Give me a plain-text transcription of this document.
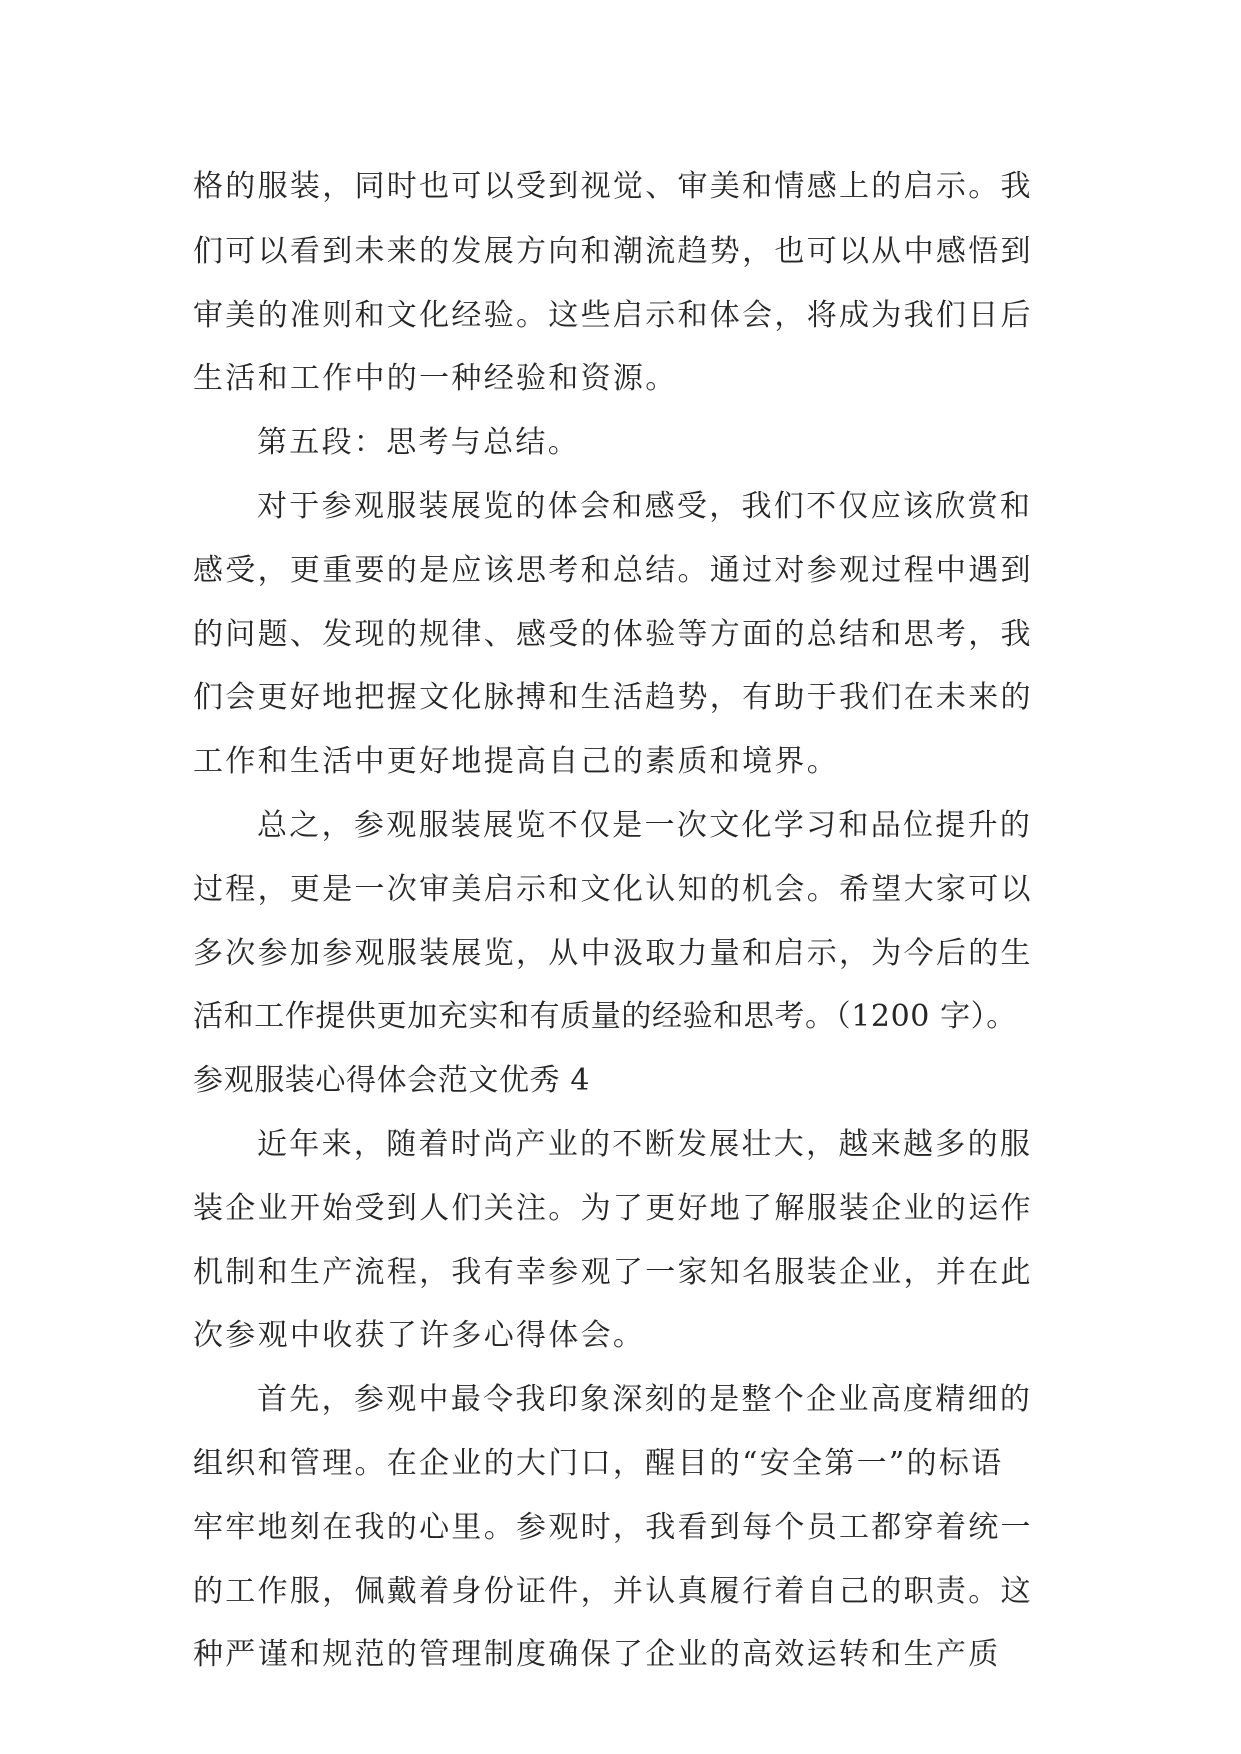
格的服装，同时也可以受到视觉、审美和情感上的启示。我
们可以看到未来的发展方向和潮流趋势，也可以从中感悟到
审美的准则和文化经验。这些启示和体会，将成为我们日后
生活和工作中的一种经验和资源。
第五段：思考与总结。
对于参观服装展览的体会和感受，我们不仅应该欣赏和
感受，更重要的是应该思考和总结。通过对参观过程中遇到
的问题、发现的规律、感受的体验等方面的总结和思考，我
们会更好地把握文化脉搏和生活趋势，有助于我们在未来的
工作和生活中更好地提高自己的素质和境界。
总之，参观服装展览不仅是一次文化学习和品位提升的
过程，更是一次审美启示和文化认知的机会。希望大家可以
多次参加参观服装展览，从中汲取力量和启示，为今后的生
活和工作提供更加充实和有质量的经验和思考。（1200 字）。
参观服装心得体会范文优秀 4
近年来，随着时尚产业的不断发展壮大，越来越多的服
装企业开始受到人们关注。为了更好地了解服装企业的运作
机制和生产流程，我有幸参观了一家知名服装企业，并在此
次参观中收获了许多心得体会。
首先，参观中最令我印象深刻的是整个企业高度精细的
组织和管理。在企业的大门口，醒目的“安全第一”的标语
牢牢地刻在我的心里。参观时，我看到每个员工都穿着统一
的工作服，佩戴着身份证件，并认真履行着自己的职责。这
种严谨和规范的管理制度确保了企业的高效运转和生产质
